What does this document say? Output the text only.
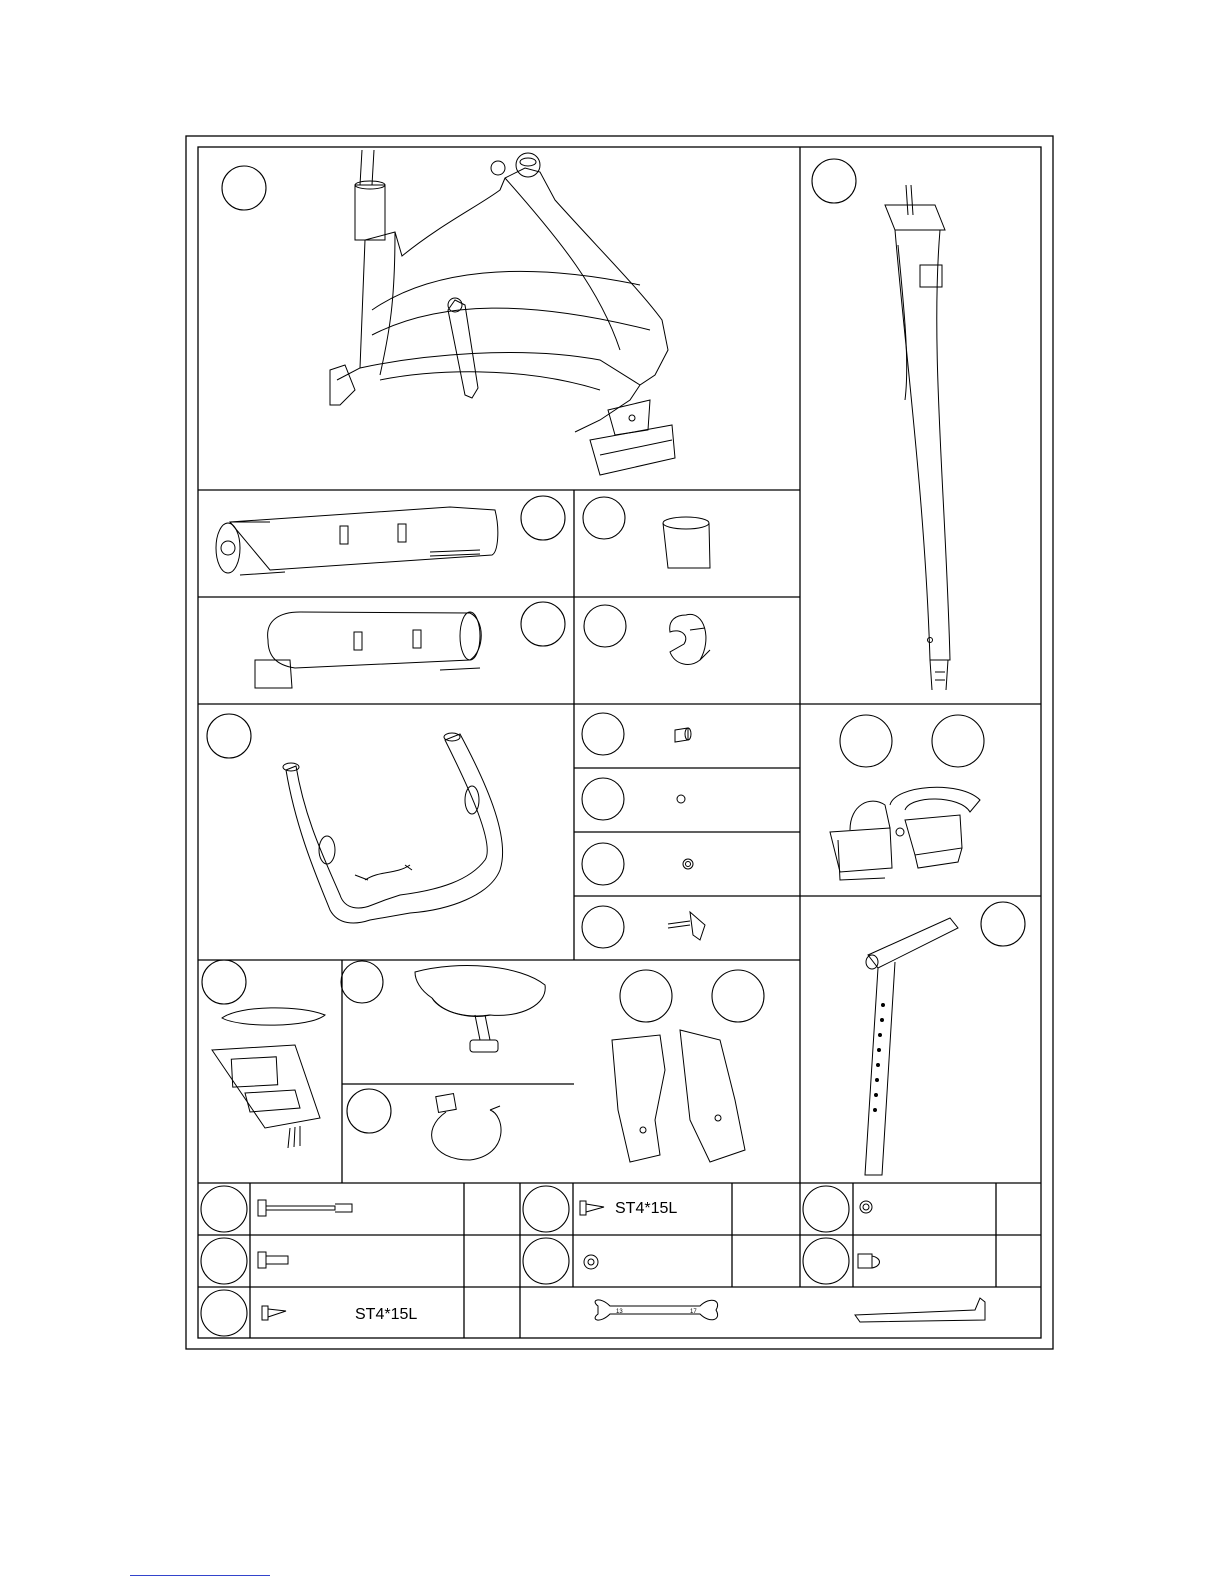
ST4*15L
ST4*15L
13	17
